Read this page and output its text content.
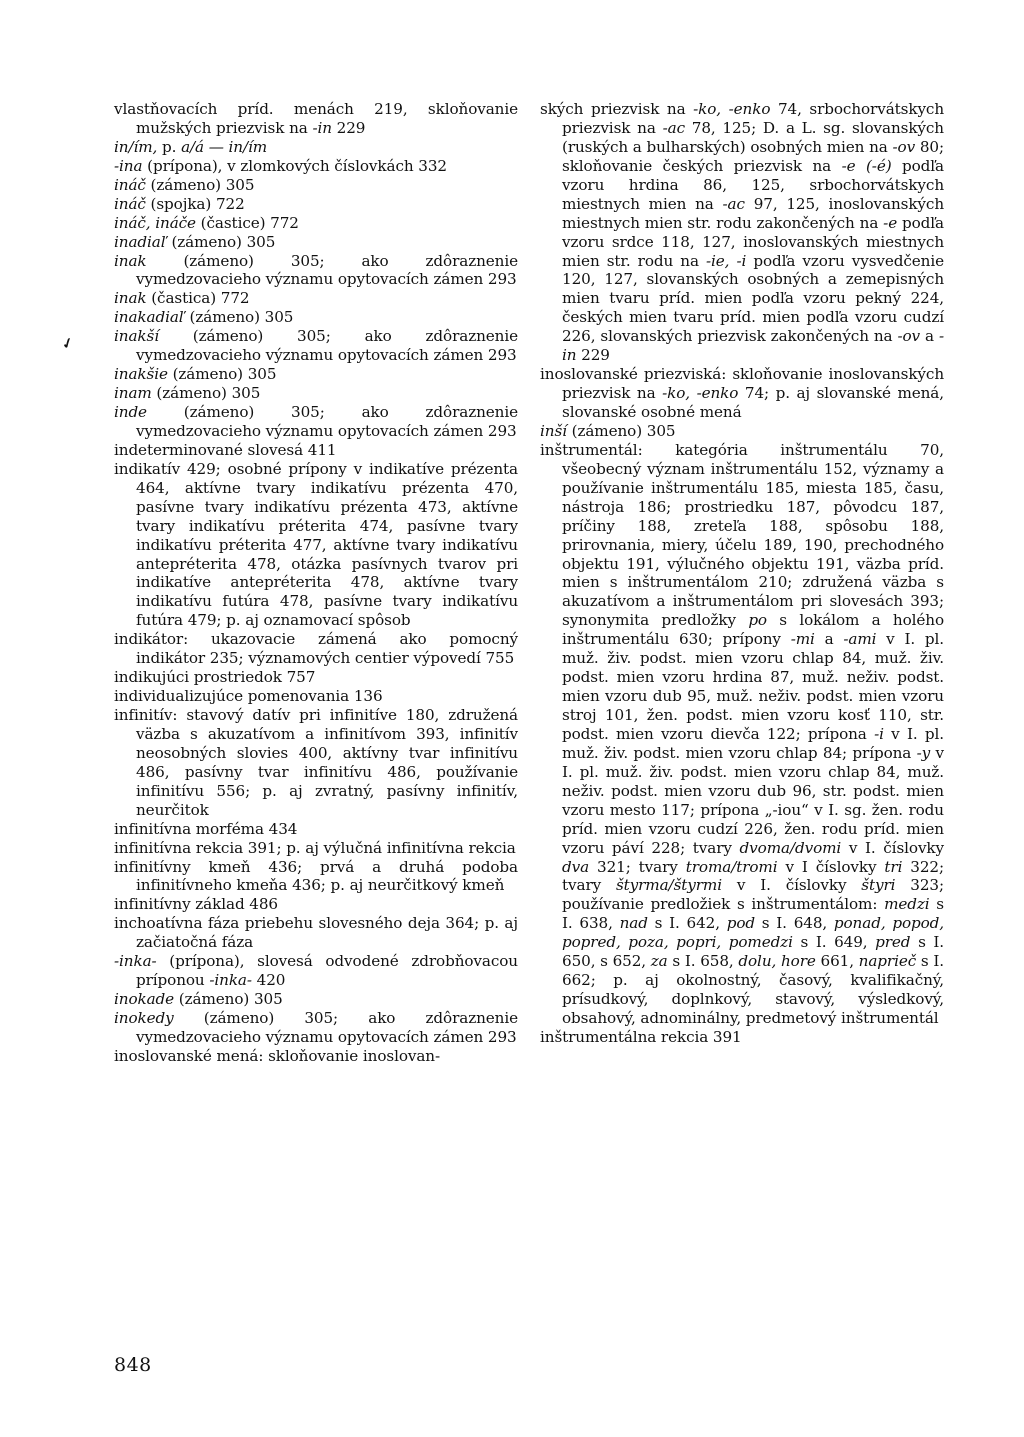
✓

vlastňovacích príd. menách 219, skloňovanie mužských priezvisk na -in 229

in/ím, p. a/á — in/ím

-ina (prípona), v zlomkových číslovkách 332

ináč (zámeno) 305

ináč (spojka) 722

ináč, ináče (častice) 772

inadiaľ (zámeno) 305

inak (zámeno) 305; ako zdôraznenie vymedzovacieho významu opytovacích zámen 293

inak (častica) 772

inakadiaľ (zámeno) 305

inakší (zámeno) 305; ako zdôraznenie vymedzovacieho významu opytovacích zámen 293

inakšie (zámeno) 305

inam (zámeno) 305

inde (zámeno) 305; ako zdôraznenie vymedzovacieho významu opytovacích zámen 293

indeterminované slovesá 411

indikatív 429; osobné prípony v indikatíve prézenta 464, aktívne tvary indikatívu prézenta 470, pasívne tvary indikatívu prézenta 473, aktívne tvary indikatívu préterita 474, pasívne tvary indikatívu préterita 477, aktívne tvary indikatívu antepréterita 478, otázka pasívnych tvarov pri indikatíve antepréterita 478, aktívne tvary indikatívu futúra 478, pasívne tvary indikatívu futúra 479; p. aj oznamovací spôsob

indikátor: ukazovacie zámená ako pomocný indikátor 235; významových centier výpovedí 755

indikujúci prostriedok 757

individualizujúce pomenovania 136

infinitív: stavový datív pri infinitíve 180, združená väzba s akuzatívom a infinitívom 393, infinitív neosobných slovies 400, aktívny tvar infinitívu 486, pasívny tvar infinitívu 486, používanie infinitívu 556; p. aj zvratný, pasívny infinitív, neurčitok

infinitívna morféma 434

infinitívna rekcia 391; p. aj výlučná infinitívna rekcia

infinitívny kmeň 436; prvá a druhá podoba infinitívneho kmeňa 436; p. aj neurčitkový kmeň

infinitívny základ 486

inchoatívna fáza priebehu slovesného deja 364; p. aj začiatočná fáza

-inka- (prípona), slovesá odvodené zdrobňovacou príponou -inka- 420

inokade (zámeno) 305

inokedy (zámeno) 305; ako zdôraznenie vymedzovacieho významu opytovacích zámen 293

inoslovanské mená: skloňovanie inoslovan-

ských priezvisk na -ko, -enko 74, srbochorvátskych priezvisk na -ac 78, 125; D. a L. sg. slovanských (ruských a bulharských) osobných mien na -ov 80; skloňovanie českých priezvisk na -e (-é) podľa vzoru hrdina 86, 125, srbochorvátskych miestnych mien na -ac 97, 125, inoslovanských miestnych mien str. rodu zakončených na -e podľa vzoru srdce 118, 127, inoslovanských miestnych mien str. rodu na -ie, -i podľa vzoru vysvedčenie 120, 127, slovanských osobných a zemepisných mien tvaru príd. mien podľa vzoru pekný 224, českých mien tvaru príd. mien podľa vzoru cudzí 226, slovanských priezvisk zakončených na -ov a -in 229

inoslovanské priezviská: skloňovanie inoslovanských priezvisk na -ko, -enko 74; p. aj slovanské mená, slovanské osobné mená

inší (zámeno) 305

inštrumentál: kategória inštrumentálu 70, všeobecný význam inštrumentálu 152, významy a používanie inštrumentálu 185, miesta 185, času, nástroja 186; prostriedku 187, pôvodcu 187, príčiny 188, zreteľa 188, spôsobu 188, prirovnania, miery, účelu 189, 190, prechodného objektu 191, výlučného objektu 191, väzba príd. mien s inštrumentálom 210; združená väzba s akuzatívom a inštrumentálom pri slovesách 393; synonymita predložky po s lokálom a holého inštrumentálu 630; prípony -mi a -ami v I. pl. muž. živ. podst. mien vzoru chlap 84, muž. živ. podst. mien vzoru hrdina 87, muž. neživ. podst. mien vzoru dub 95, muž. neživ. podst. mien vzoru stroj 101, žen. podst. mien vzoru kosť 110, str. podst. mien vzoru dievča 122; prípona -i v I. pl. muž. živ. podst. mien vzoru chlap 84; prípona -y v I. pl. muž. živ. podst. mien vzoru chlap 84, muž. neživ. podst. mien vzoru dub 96, str. podst. mien vzoru mesto 117; prípona „-iou“ v I. sg. žen. rodu príd. mien vzoru cudzí 226, žen. rodu príd. mien vzoru páví 228; tvary dvoma/dvomi v I. číslovky dva 321; tvary troma/tromi v I číslovky tri 322; tvary štyrma/štyrmi v I. číslovky štyri 323; používanie predložiek s inštrumentálom: medzi s I. 638, nad s I. 642, pod s I. 648, ponad, popod, popred, poza, popri, pomedzi s I. 649, pred s I. 650, s 652, za s I. 658, dolu, hore 661, naprieč s I. 662; p. aj okolnostný, časový, kvalifikačný, prísudkový, doplnkový, stavový, výsledkový, obsahový, adnominálny, predmetový inštrumentál

inštrumentálna rekcia 391

848
